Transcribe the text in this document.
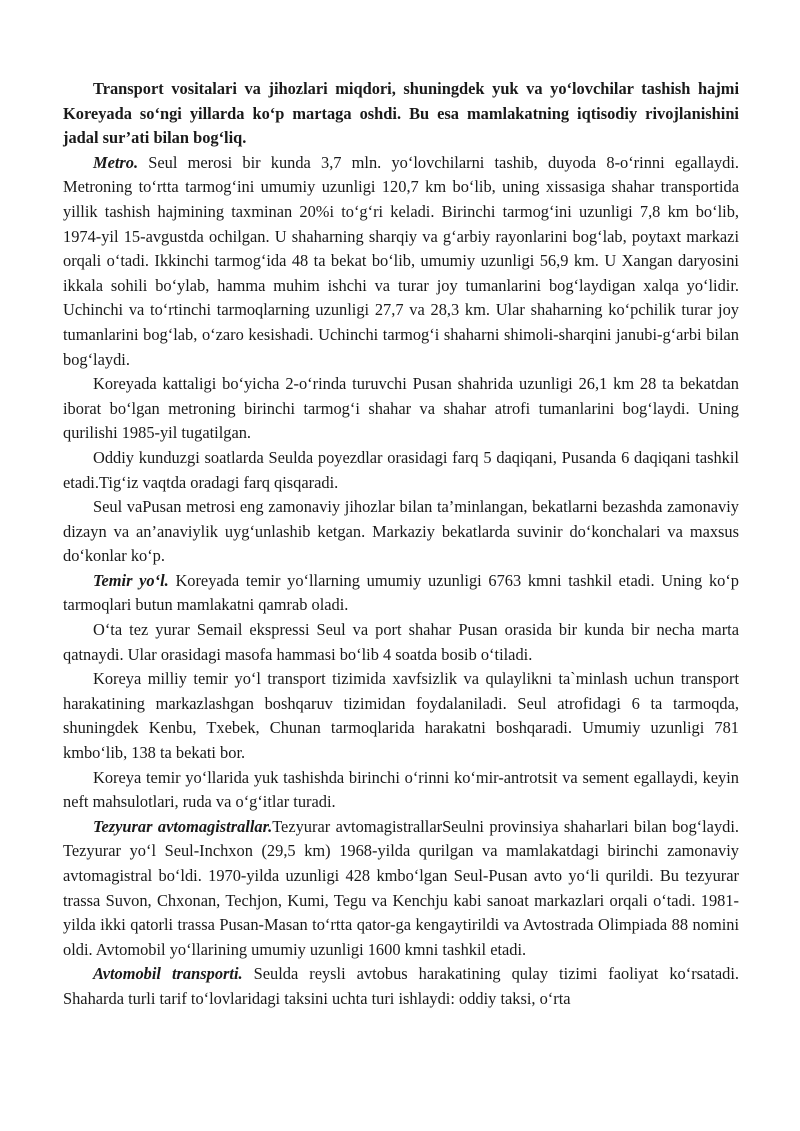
Transport vositalari va jihozlari miqdori, shuningdek yuk va yo‘lovchilar tashish hajmi Koreyada so‘ngi yillarda ko‘p martaga oshdi. Bu esa mamlakatning iqtisodiy rivojlanishini jadal sur’ati bilan bog‘liq.

Metro. Seul merosi bir kunda 3,7 mln. yo‘lovchilarni tashib, duyoda 8-o‘rinni egallaydi. Metroning to‘rtta tarmog‘ini umumiy uzunligi 120,7 km bo‘lib, uning xissasiga shahar transportida yillik tashish hajmining taxminan 20%i to‘g‘ri keladi. Birinchi tarmog‘ini uzunligi 7,8 km bo‘lib, 1974-yil 15-avgustda ochilgan. U shaharning sharqiy va g‘arbiy rayonlarini bog‘lab, poytaxt markazi orqali o‘tadi. Ikkinchi tarmog‘ida 48 ta bekat bo‘lib, umumiy uzunligi 56,9 km. U Xangan daryosini ikkala sohili bo‘ylab, hamma muhim ishchi va turar joy tumanlarini bog‘laydigan xalqa yo‘lidir. Uchinchi va to‘rtinchi tarmoqlarning uzunligi 27,7 va 28,3 km. Ular shaharning ko‘pchilik turar joy tumanlarini bog‘lab, o‘zaro kesishadi. Uchinchi tarmog‘i shaharni shimoli-sharqini janubi-g‘arbi bilan bog‘laydi.

Koreyada kattaligi bo‘yicha 2-o‘rinda turuvchi Pusan shahrida uzunligi 26,1 km 28 ta bekatdan iborat bo‘lgan metroning birinchi tarmog‘i shahar va shahar atrofi tumanlarini bog‘laydi. Uning qurilishi 1985-yil tugatilgan.

Oddiy kunduzgi soatlarda Seulda poyezdlar orasidagi farq 5 daqiqani, Pusanda 6 daqiqani tashkil etadi.Tig‘iz vaqtda oradagi farq qisqaradi.

Seul vaPusan metrosi eng zamonaviy jihozlar bilan ta’minlangan, bekatlarni bezashda zamonaviy dizayn va an’anaviylik uyg‘unlashib ketgan. Markaziy bekatlarda suvinir do‘konchalari va maxsus do‘konlar ko‘p.

Temir yo‘l. Koreyada temir yo‘llarning umumiy uzunligi 6763 kmni tashkil etadi. Uning ko‘p tarmoqlari butun mamlakatni qamrab oladi.

O‘ta tez yurar Semail ekspressi Seul va port shahar Pusan orasida bir kunda bir necha marta qatnaydi. Ular orasidagi masofa hammasi bo‘lib 4 soatda bosib o‘tiladi.

Koreya milliy temir yo‘l transport tizimida xavfsizlik va qulaylikni ta`minlash uchun transport harakatining markazlashgan boshqaruv tizimidan foydalaniladi. Seul atrofidagi 6 ta tarmoqda, shuningdek Kenbu, Txebek, Chunan tarmoqlarida harakatni boshqaradi. Umumiy uzunligi 781 kmbo‘lib, 138 ta bekati bor.

Koreya temir yo‘llarida yuk tashishda birinchi o‘rinni ko‘mir-antrotsit va sement egallaydi, keyin neft mahsulotlari, ruda va o‘g‘itlar turadi.

Tezyurar avtomagistrallar.Tezyurar avtomagistrallarSeulni provinsiya shaharlari bilan bog‘laydi. Tezyurar yo‘l Seul-Inchxon (29,5 km) 1968-yilda qurilgan va mamlakatdagi birinchi zamonaviy avtomagistral bo‘ldi. 1970-yilda uzunligi 428 kmbo‘lgan Seul-Pusan avto yo‘li qurildi. Bu tezyurar trassa Suvon, Chxonan, Techjon, Kumi, Tegu va Kenchju kabi sanoat markazlari orqali o‘tadi. 1981-yilda ikki qatorli trassa Pusan-Masan to‘rtta qator-ga kengaytirildi va Avtostrada Olimpiada 88 nomini oldi. Avtomobil yo‘llarining umumiy uzunligi 1600 kmni tashkil etadi.

Avtomobil transporti. Seulda reysli avtobus harakatining qulay tizimi faoliyat ko‘rsatadi. Shaharda turli tarif to‘lovlaridagi taksini uchta turi ishlaydi: oddiy taksi, o‘rta
